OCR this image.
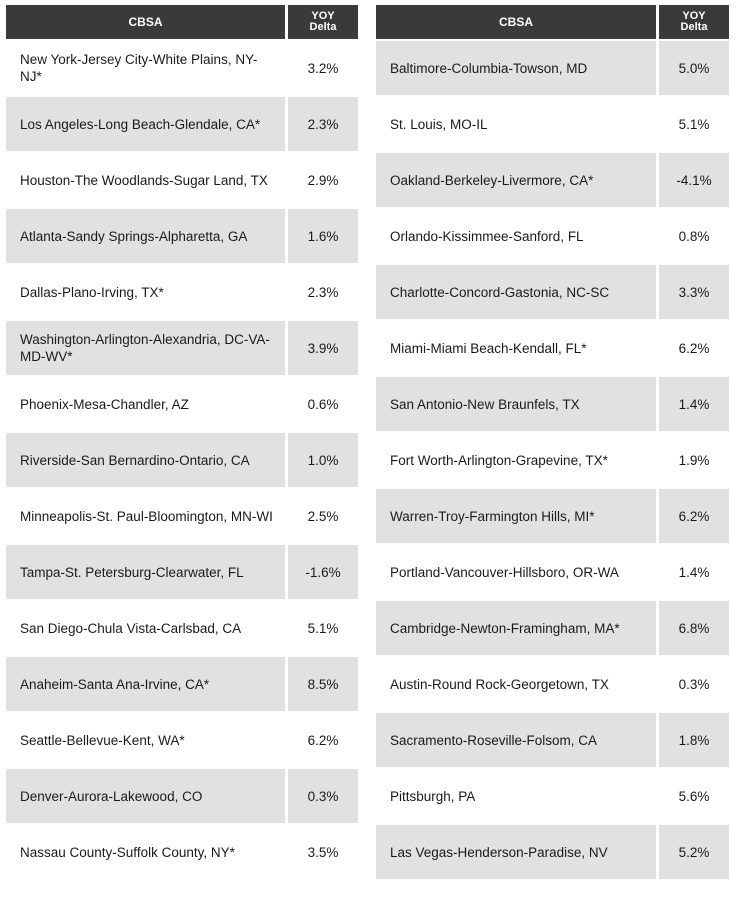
CBSA	YOY
Delta
New York-Jersey City-White Plains, NY-NJ*	3.2%
Los Angeles-Long Beach-Glendale, CA*	2.3%
Houston-The Woodlands-Sugar Land, TX	2.9%
Atlanta-Sandy Springs-Alpharetta, GA	1.6%
Dallas-Plano-Irving, TX*	2.3%
Washington-Arlington-Alexandria, DC-VA-MD-WV*	3.9%
Phoenix-Mesa-Chandler, AZ	0.6%
Riverside-San Bernardino-Ontario, CA	1.0%
Minneapolis-St. Paul-Bloomington, MN-WI	2.5%
Tampa-St. Petersburg-Clearwater, FL	-1.6%
San Diego-Chula Vista-Carlsbad, CA	5.1%
Anaheim-Santa Ana-Irvine, CA*	8.5%
Seattle-Bellevue-Kent, WA*	6.2%
Denver-Aurora-Lakewood, CO	0.3%
Nassau County-Suffolk County, NY*	3.5%
CBSA	YOY
Delta
Baltimore-Columbia-Towson, MD	5.0%
St. Louis, MO-IL	5.1%
Oakland-Berkeley-Livermore, CA*	-4.1%
Orlando-Kissimmee-Sanford, FL	0.8%
Charlotte-Concord-Gastonia, NC-SC	3.3%
Miami-Miami Beach-Kendall, FL*	6.2%
San Antonio-New Braunfels, TX	1.4%
Fort Worth-Arlington-Grapevine, TX*	1.9%
Warren-Troy-Farmington Hills, MI*	6.2%
Portland-Vancouver-Hillsboro, OR-WA	1.4%
Cambridge-Newton-Framingham, MA*	6.8%
Austin-Round Rock-Georgetown, TX	0.3%
Sacramento-Roseville-Folsom, CA	1.8%
Pittsburgh, PA	5.6%
Las Vegas-Henderson-Paradise, NV	5.2%
